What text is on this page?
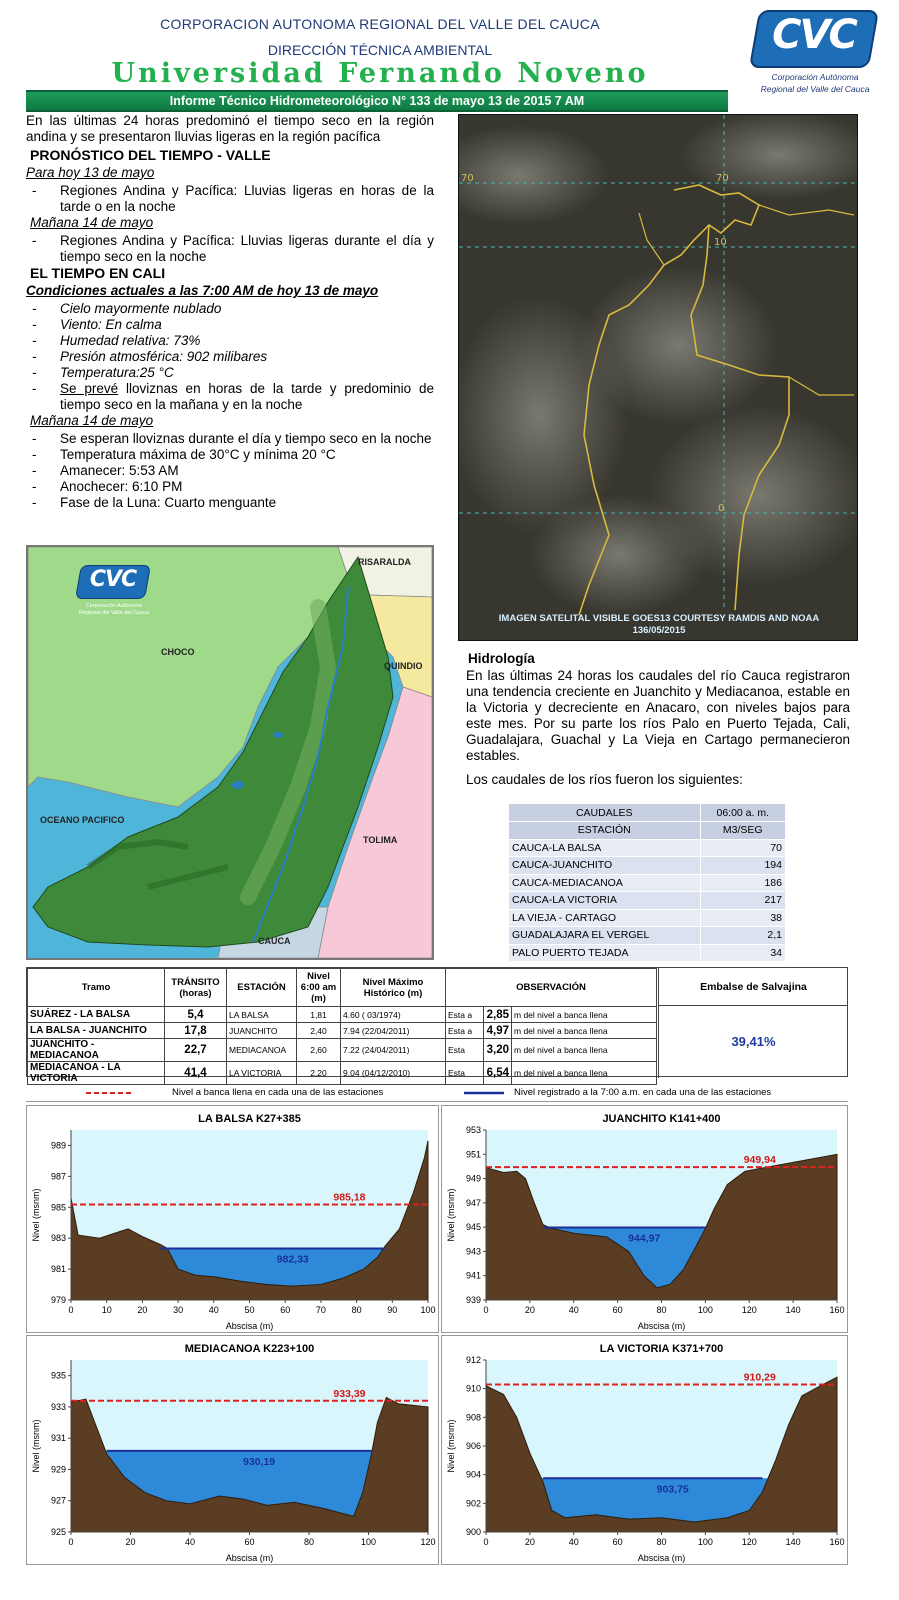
CORPORACION AUTONOMA REGIONAL DEL VALLE DEL CAUCA
DIRECCIÓN TÉCNICA AMBIENTAL
Universidad Fernando Noveno
Informe Técnico Hidrometeorológico N° 133 de mayo 13 de 2015 7 AM
CVC
Corporación Autónoma
Regional del Valle del Cauca

En las últimas 24 horas predominó el tiempo seco en la región andina y se presentaron lluvias ligeras en la región pacífica

PRONÓSTICO DEL TIEMPO - VALLE

Para hoy 13 de mayo

- Regiones Andina y Pacífica: Lluvias ligeras en horas de la tarde o en la noche

Mañana 14 de mayo

- Regiones Andina y Pacífica: Lluvias ligeras durante el día y tiempo seco en la noche

EL TIEMPO EN CALI

Condiciones actuales a las 7:00 AM de hoy 13 de mayo

- Cielo mayormente nublado
- Viento: En calma
- Humedad relativa: 73%
- Presión atmosférica: 902 milibares
- Temperatura:25 °C
- Se prevé lloviznas en horas de la tarde y predominio de tiempo seco en la mañana y en la noche

Mañana 14 de mayo

- Se esperan lloviznas durante el día y tiempo seco en la noche
- Temperatura máxima de 30°C y mínima 20 °C
- Amanecer: 5:53 AM
- Anochecer: 6:10 PM
- Fase de la Luna: Cuarto menguante
70	70
10
0
IMAGEN SATELITAL VISIBLE GOES13 COURTESY RAMDIS AND NOAA
136/05/2015
RISARALDA
CHOCO
QUINDIO
OCEANO PACIFICO
TOLIMA
CAUCA
CVC
Corporación Autónoma
Regional del Valle del Cauca
Hidrología
En las últimas 24 horas los caudales del río Cauca registraron una tendencia creciente en Juanchito y Mediacanoa, estable en la Victoria y decreciente en Anacaro, con niveles bajos para este mes. Por su parte los ríos Palo en Puerto Tejada, Cali, Guadalajara, Guachal y La Vieja en Cartago permanecieron estables.
Los caudales de los ríos fueron los siguientes:
CAUDALES	06:00 a. m.
ESTACIÓN	M3/SEG
CAUCA-LA BALSA	70
CAUCA-JUANCHITO	194
CAUCA-MEDIACANOA	186
CAUCA-LA VICTORIA	217
LA VIEJA - CARTAGO	38
GUADALAJARA EL VERGEL	2,1
PALO PUERTO TEJADA	34
Tramo	TRÁNSITO (horas)	ESTACIÓN	Nivel 6:00 am (m)	Nivel Máximo Histórico (m)	OBSERVACIÓN		
SUÁREZ - LA BALSA	5,4	LA BALSA	1,81	4.60 ( 03/1974)	Esta a	2,85	m del nivel a banca llena
LA BALSA - JUANCHITO	17,8	JUANCHITO	2,40	7.94 (22/04/2011)	Esta a	4,97	m del nivel a banca llena
JUANCHITO - MEDIACANOA	22,7	MEDIACANOA	2,60	7.22 (24/04/2011)	Esta	3,20	m del nivel a banca llena
MEDIACANOA - LA VICTORIA	41,4	LA VICTORIA	2,20	9.04 (04/12/2010)	Esta	6,54	m del nivel a banca llena
Embalse de Salvajina
39,41%
Nivel a banca llena en cada una de las estaciones	Nivel registrado a la 7:00 a.m. en cada una de las estaciones
LA BALSA K27+385
985,18
982,33
979
981
983
985
987
989
0	10	20	30	40	50	60	70	80	90	100
Abscisa (m)
Nivel (msnm)
JUANCHITO K141+400
949,94
944,97
939
941
943
945
947
949
951
953
0	20	40	60	80	100	120	140	160
Abscisa (m)
Nivel (msnm)
MEDIACANOA K223+100
933,39
930,19
925
927
929
931
933
935
0	20	40	60	80	100	120
Abscisa (m)
Nivel (msnm)
LA VICTORIA K371+700
910,29
903,75
900
902
904
906
908
910
912
0	20	40	60	80	100	120	140	160
Abscisa (m)
Nivel (msnm)
